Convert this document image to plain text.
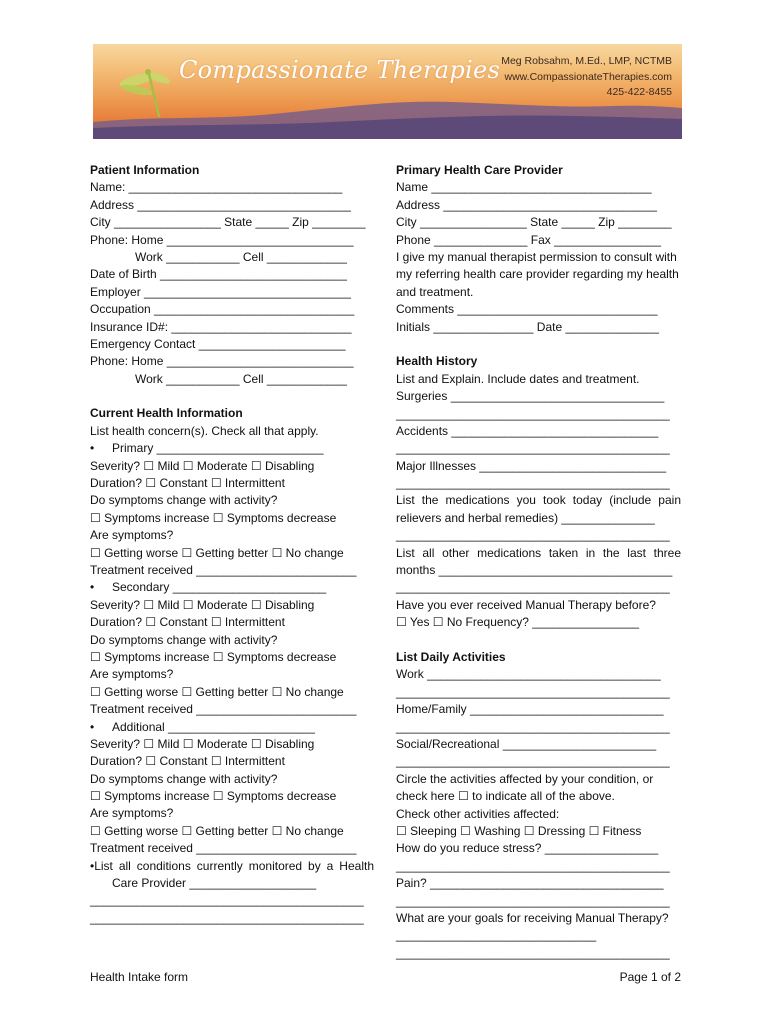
Compassionate Therapies Meg Robsahm, M.Ed., LMP, NCTMB
www.CompassionateTherapies.com
425-422-8455
Patient Information
Name: ________________________________
Address ________________________________
City ________________ State _____ Zip ________
Phone: Home ____________________________
Work ___________ Cell ____________
Date of Birth ____________________________
Employer _______________________________
Occupation ______________________________
Insurance ID#: ___________________________
Emergency Contact ______________________
Phone: Home ____________________________
Work ___________ Cell ____________
Current Health Information
List health concern(s). Check all that apply.
• Primary _________________________
Severity? ☐ Mild ☐ Moderate ☐ Disabling
Duration? ☐ Constant ☐ Intermittent
Do symptoms change with activity?
☐ Symptoms increase ☐ Symptoms decrease
Are symptoms?
☐ Getting worse ☐ Getting better ☐ No change
Treatment received ________________________
• Secondary _______________________
Severity? ☐ Mild ☐ Moderate ☐ Disabling
Duration? ☐ Constant ☐ Intermittent
Do symptoms change with activity?
☐ Symptoms increase ☐ Symptoms decrease
Are symptoms?
☐ Getting worse ☐ Getting better ☐ No change
Treatment received ________________________
• Additional ______________________
Severity? ☐ Mild ☐ Moderate ☐ Disabling
Duration? ☐ Constant ☐ Intermittent
Do symptoms change with activity?
☐ Symptoms increase ☐ Symptoms decrease
Are symptoms?
☐ Getting worse ☐ Getting better ☐ No change
Treatment received ________________________
•List all conditions currently monitored by a Health Care Provider ___________________
_________________________________________
_________________________________________
Primary Health Care Provider
Name _________________________________
Address ________________________________
City ________________ State _____ Zip ________
Phone ______________ Fax ________________
I give my manual therapist permission to consult with my referring health care provider regarding my health and treatment.
Comments ______________________________
Initials _______________ Date ______________
Health History
List and Explain. Include dates and treatment.
Surgeries ________________________________
_________________________________________
Accidents _______________________________
_________________________________________
Major Illnesses ____________________________
_________________________________________
List the medications you took today (include pain relievers and herbal remedies) ______________
_________________________________________
List all other medications taken in the last three months ___________________________________
_________________________________________
Have you ever received Manual Therapy before?
☐ Yes ☐ No Frequency? ________________
List Daily Activities
Work ___________________________________
_________________________________________
Home/Family _____________________________
_________________________________________
Social/Recreational _______________________
_________________________________________
Circle the activities affected by your condition, or check here ☐ to indicate all of the above.
Check other activities affected:
☐ Sleeping ☐ Washing ☐ Dressing ☐ Fitness
How do you reduce stress? _________________
_________________________________________
Pain? ___________________________________
_________________________________________
What are your goals for receiving Manual Therapy? ______________________________
_________________________________________
Health Intake form	Page 1 of 2
